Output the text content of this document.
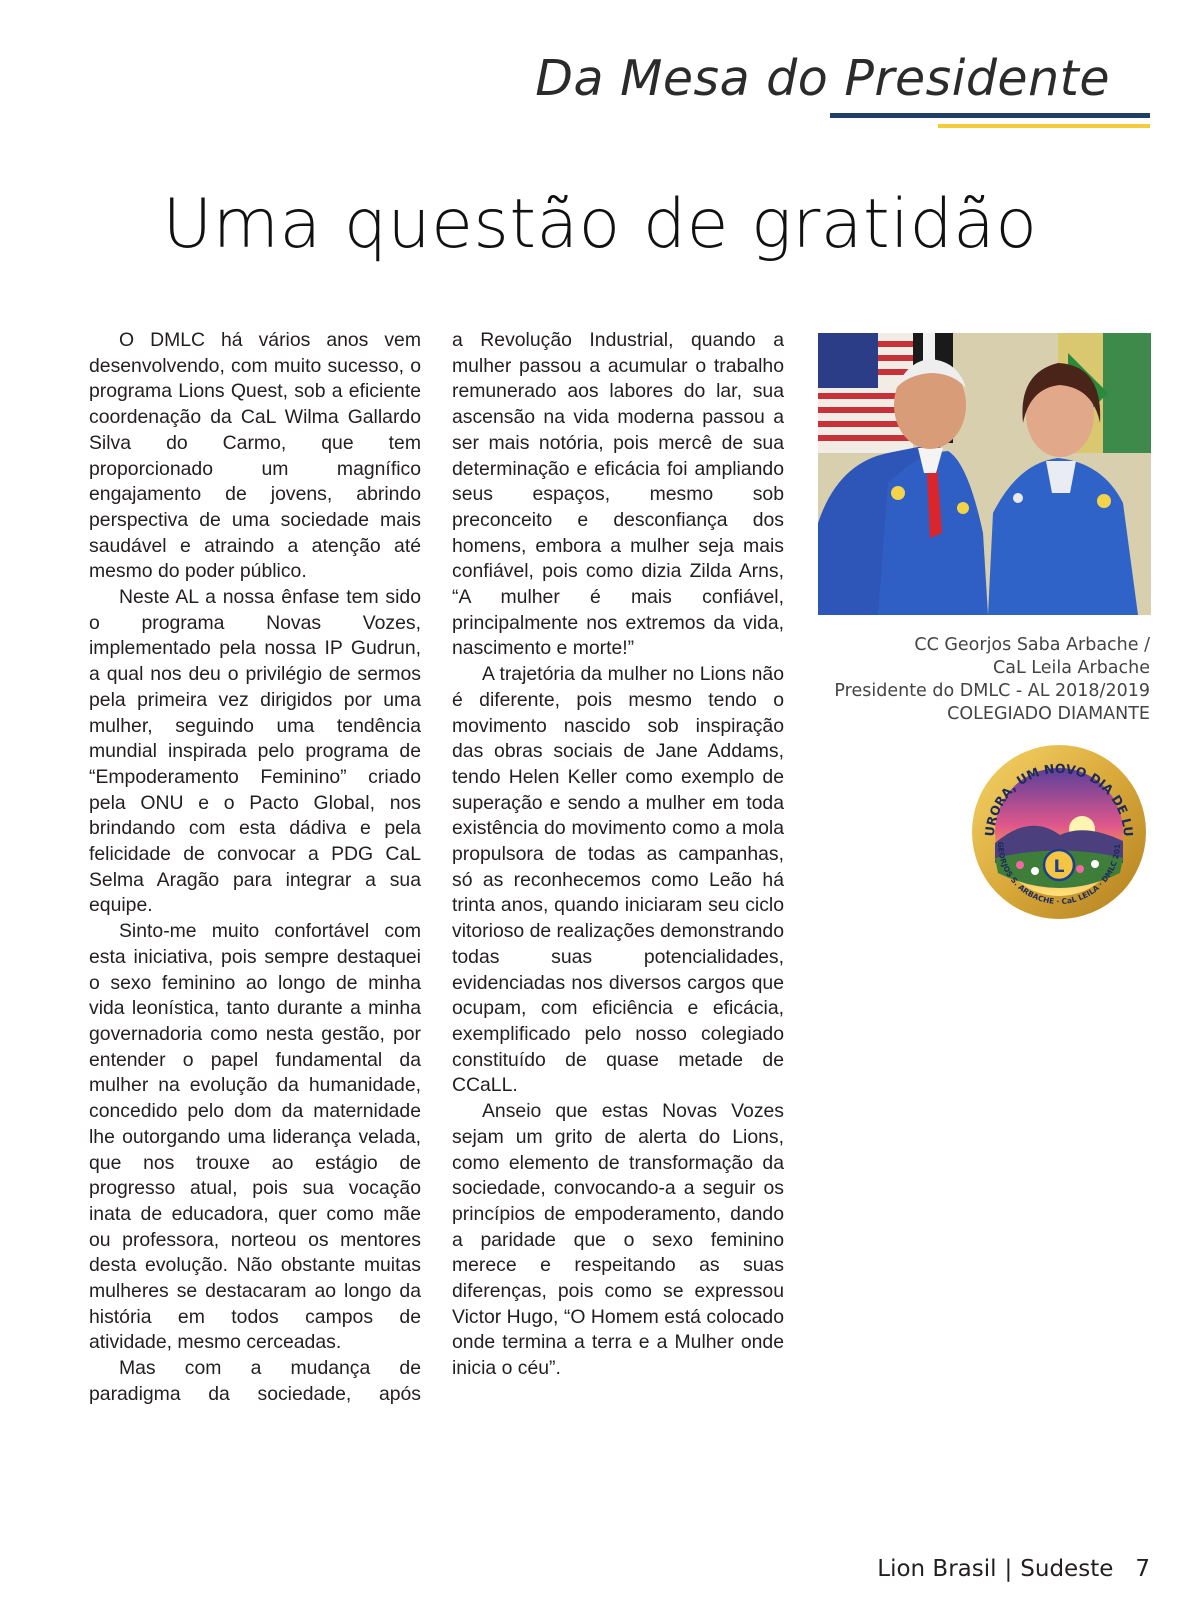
Da Mesa do Presidente
Uma questão de gratidão

O DMLC há vários anos vem desenvolvendo, com muito sucesso, o programa Lions Quest, sob a eficiente coordenação da CaL Wilma Gallardo Silva do Carmo, que tem proporcionado um magnífico engajamento de jovens, abrindo perspectiva de uma sociedade mais saudável e atraindo a atenção até mesmo do poder público.

Neste AL a nossa ênfase tem sido o programa Novas Vozes, implementado pela nossa IP Gudrun, a qual nos deu o privilégio de sermos pela primeira vez dirigidos por uma mulher, seguindo uma tendência mundial inspirada pelo programa de “Empoderamento Feminino” criado pela ONU e o Pacto Global, nos brindando com esta dádiva e pela felicidade de convocar a PDG CaL Selma Aragão para integrar a sua equipe.

Sinto-me muito confortável com esta iniciativa, pois sempre destaquei o sexo feminino ao longo de minha vida leonística, tanto durante a minha governadoria como nesta gestão, por entender o papel fundamental da mulher na evolução da humanidade, concedido pelo dom da maternidade lhe outorgando uma liderança velada, que nos trouxe ao estágio de progresso atual, pois sua vocação inata de educadora, quer como mãe ou professora, norteou os mentores desta evolução. Não obstante muitas mulheres se destacaram ao longo da história em todos campos de atividade, mesmo cerceadas.

Mas com a mudança de paradigma da sociedade, após

a Revolução Industrial, quando a mulher passou a acumular o trabalho remunerado aos labores do lar, sua ascensão na vida moderna passou a ser mais notória, pois mercê de sua determinação e eficácia foi ampliando seus espaços, mesmo sob preconceito e desconfiança dos homens, embora a mulher seja mais confiável, pois como dizia Zilda Arns, “A mulher é mais confiável, principalmente nos extremos da vida, nascimento e morte!”

A trajetória da mulher no Lions não é diferente, pois mesmo tendo o movimento nascido sob inspiração das obras sociais de Jane Addams, tendo Helen Keller como exemplo de superação e sendo a mulher em toda existência do movimento como a mola propulsora de todas as campanhas, só as reconhecemos como Leão há trinta anos, quando iniciaram seu ciclo vitorioso de realizações demonstrando todas suas potencialidades, evidenciadas nos diversos cargos que ocupam, com eficiência e eficácia, exemplificado pelo nosso colegiado constituído de quase metade de CCaLL.

Anseio que estas Novas Vozes sejam um grito de alerta do Lions, como elemento de transformação da sociedade, convocando-a a seguir os princípios de empoderamento, dando a paridade que o sexo feminino merece e respeitando as suas diferenças, pois como se expressou Victor Hugo, “O Homem está colocado onde termina a terra e a Mulher onde inicia o céu”.

CC Georjos Saba Arbache /
CaL Leila Arbache
Presidente do DMLC - AL 2018/2019
COLEGIADO DIAMANTE
L
URORA, UM NOVO DIA DE LU
GEORJOS S. ARBACHE · CaL LEILA · DMLC 201
Lion Brasil | Sudeste 7
